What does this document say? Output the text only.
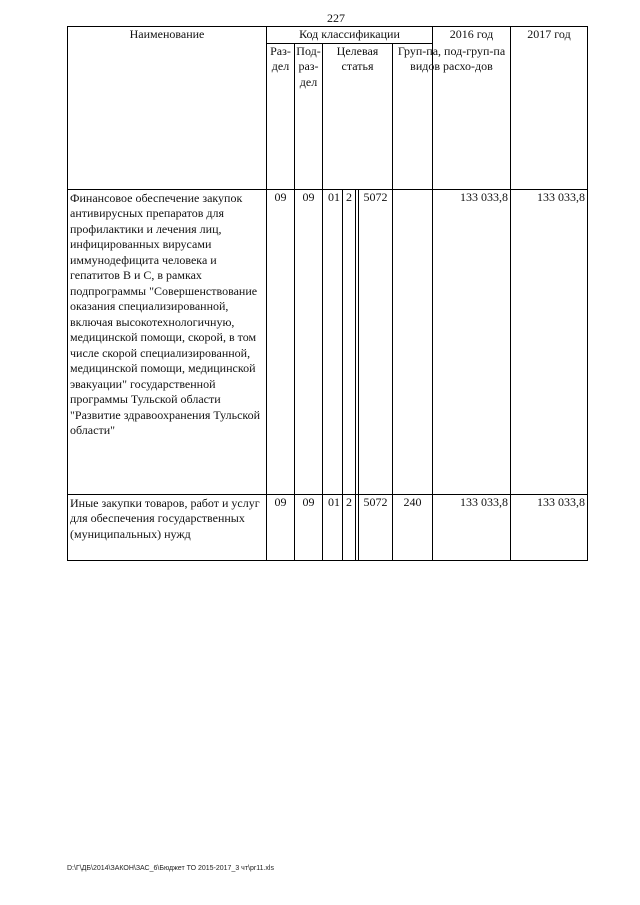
227
Наименование	Код классификации							2016 год	2017 год
	Раз-дел	Под-раз-дел	Целевая статья				Груп-па, под-груп-па видов расхо-дов		
Финансовое обеспечение закупок антивирусных препаратов для профилактики и лечения лиц, инфицированных вирусами иммунодефицита человека и гепатитов В и С, в рамках подпрограммы "Совершенствование оказания специализированной, включая высокотехнологичную, медицинской помощи, скорой, в том числе скорой специализированной, медицинской помощи, медицинской эвакуации" государственной программы Тульской области "Развитие здравоохранения Тульской области"	09	09	01	2		5072		133 033,8	133 033,8
Иные закупки товаров, работ и услуг для обеспечения государственных (муниципальных) нужд	09	09	01	2		5072	240	133 033,8	133 033,8
D:\Г\ДБ\2014\ЗАКОН\ЗАС_6\Бюджет ТО 2015-2017_3 чт\pr11.xls
